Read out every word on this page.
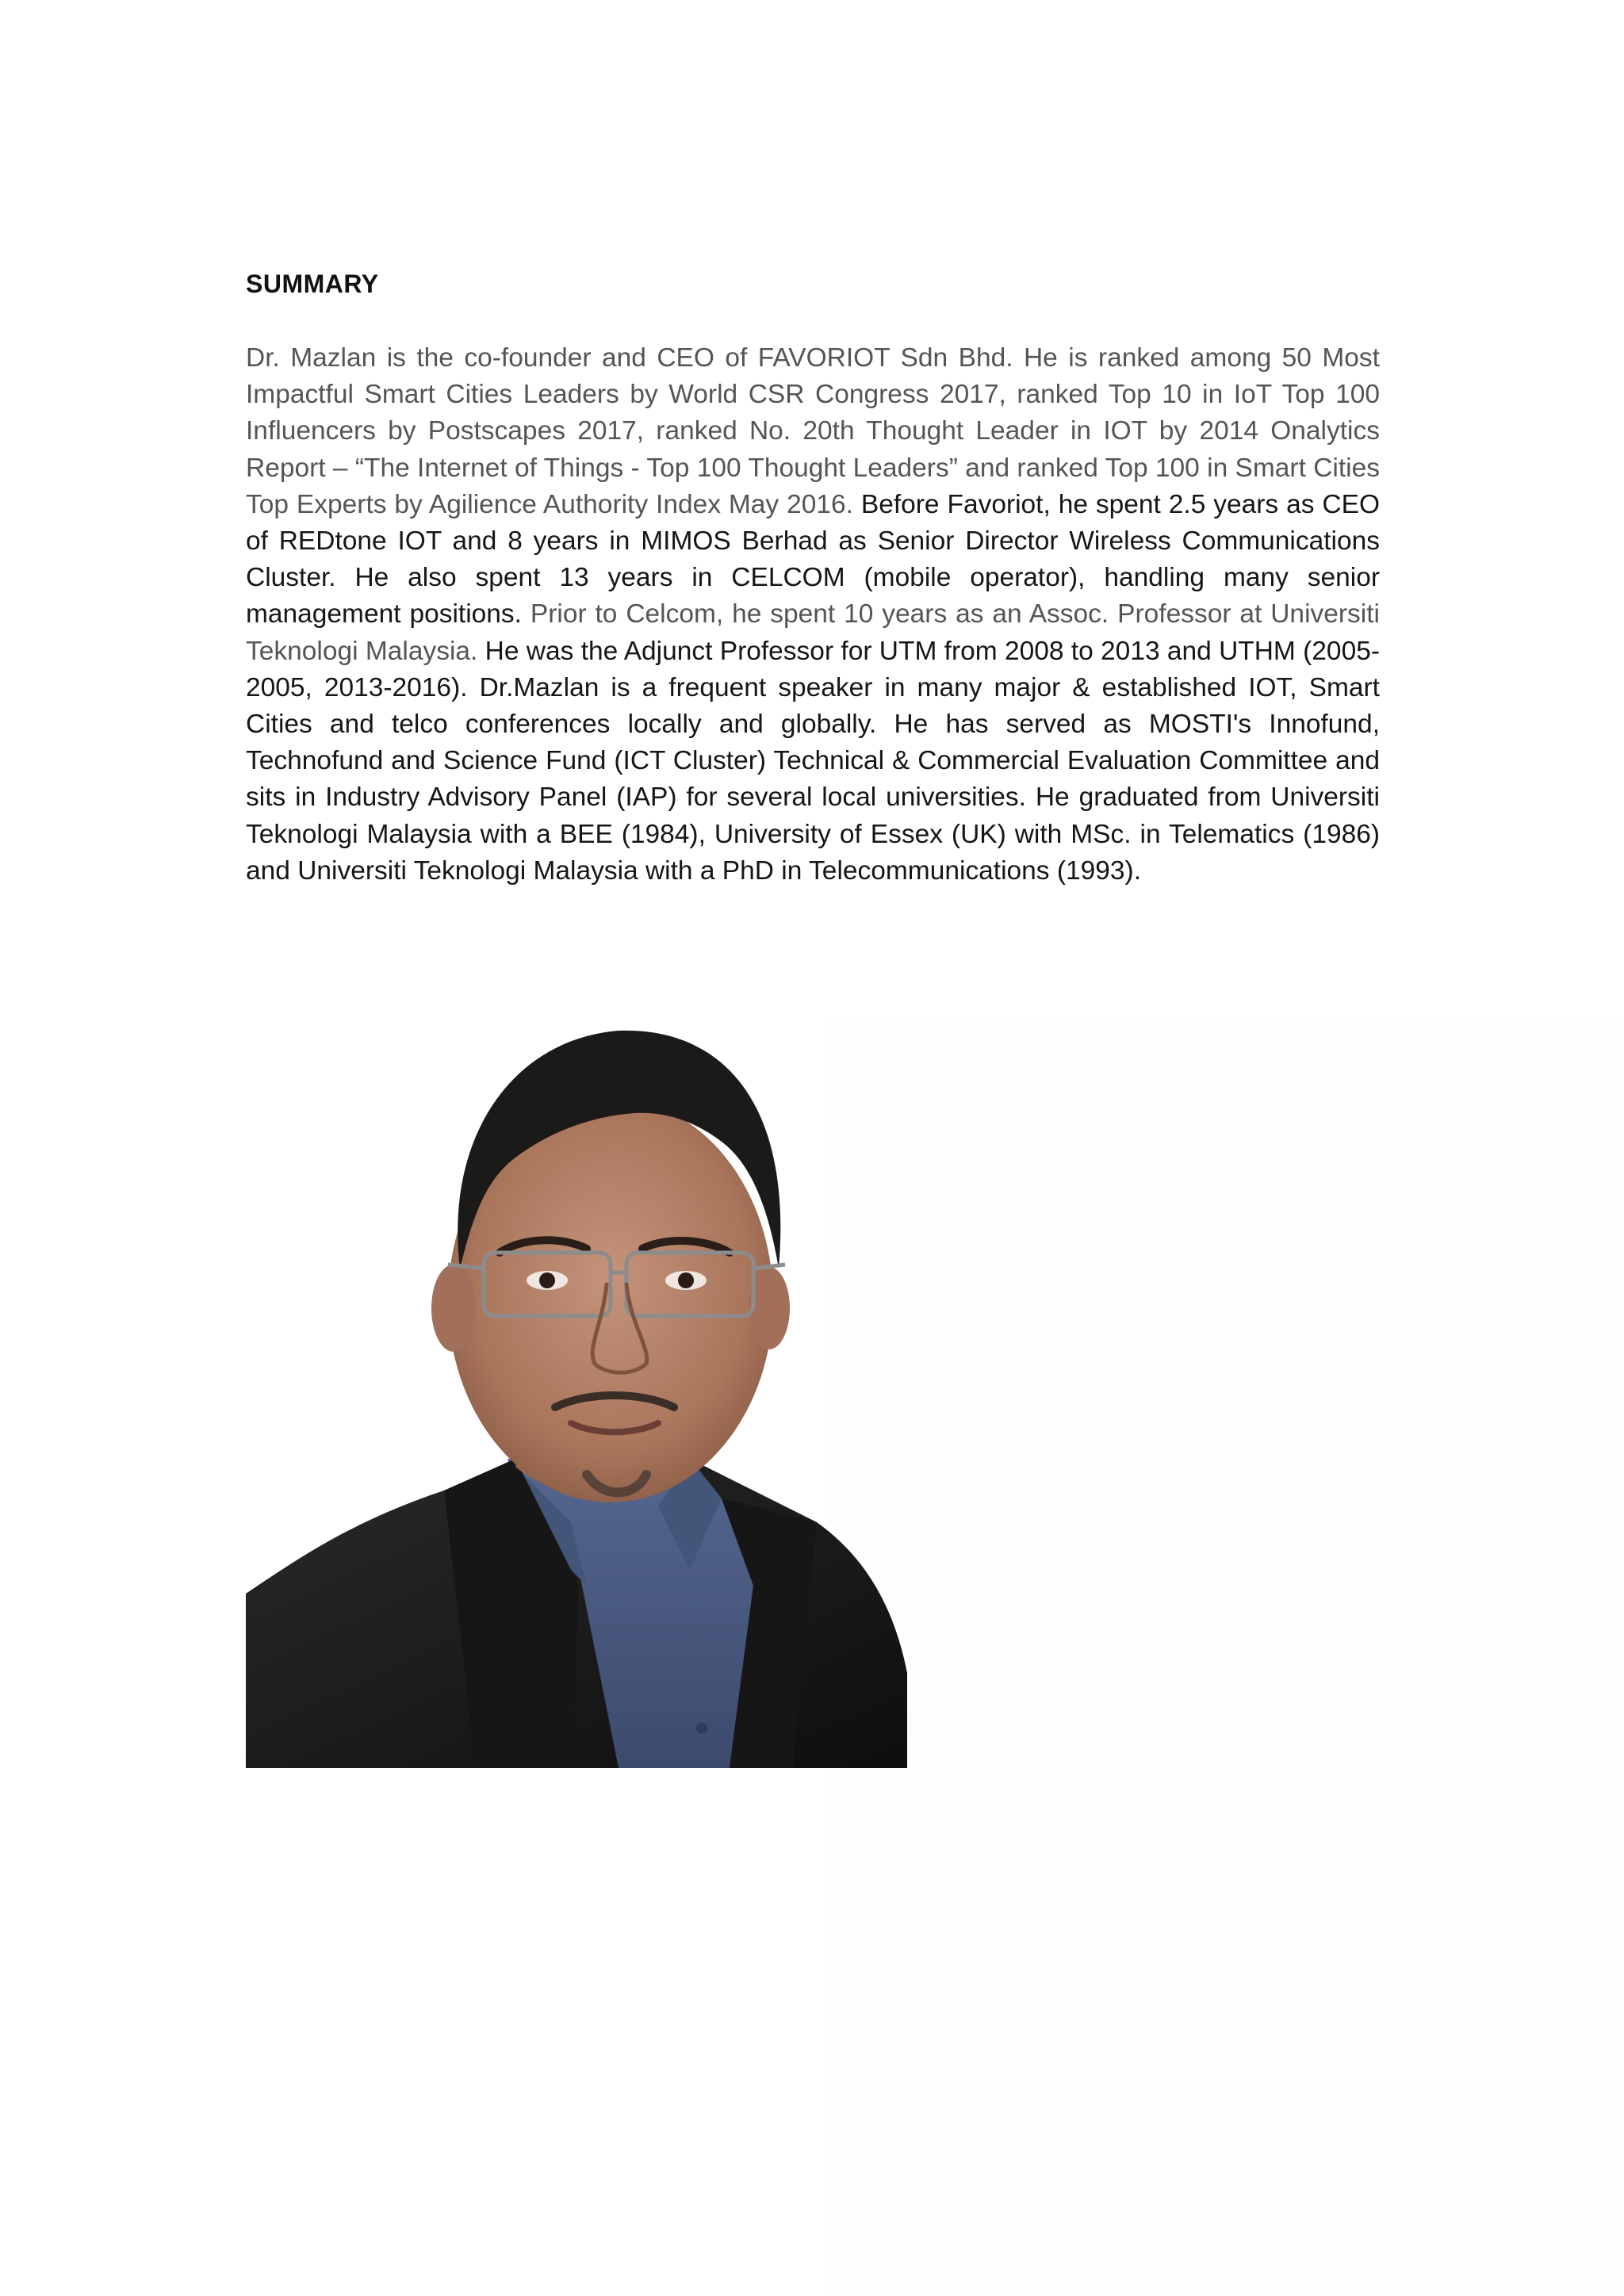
SUMMARY

Dr. Mazlan is the co-founder and CEO of FAVORIOT Sdn Bhd. He is ranked among 50 Most Impactful Smart Cities Leaders by World CSR Congress 2017, ranked Top 10 in IoT Top 100 Influencers by Postscapes 2017, ranked No. 20th Thought Leader in IOT by 2014 Onalytics Report – “The Internet of Things - Top 100 Thought Leaders” and ranked Top 100 in Smart Cities Top Experts by Agilience Authority Index May 2016. Before Favoriot, he spent 2.5 years as CEO of REDtone IOT and 8 years in MIMOS Berhad as Senior Director Wireless Communications Cluster. He also spent 13 years in CELCOM (mobile operator), handling many senior management positions. Prior to Celcom, he spent 10 years as an Assoc. Professor at Universiti Teknologi Malaysia. He was the Adjunct Professor for UTM from 2008 to 2013 and UTHM (2005-2005, 2013-2016). Dr.Mazlan is a frequent speaker in many major & established IOT, Smart Cities and telco conferences locally and globally. He has served as MOSTI's Innofund, Technofund and Science Fund (ICT Cluster) Technical & Commercial Evaluation Committee and sits in Industry Advisory Panel (IAP) for several local universities. He graduated from Universiti Teknologi Malaysia with a BEE (1984), University of Essex (UK) with MSc. in Telematics (1986) and Universiti Teknologi Malaysia with a PhD in Telecommunications (1993).
